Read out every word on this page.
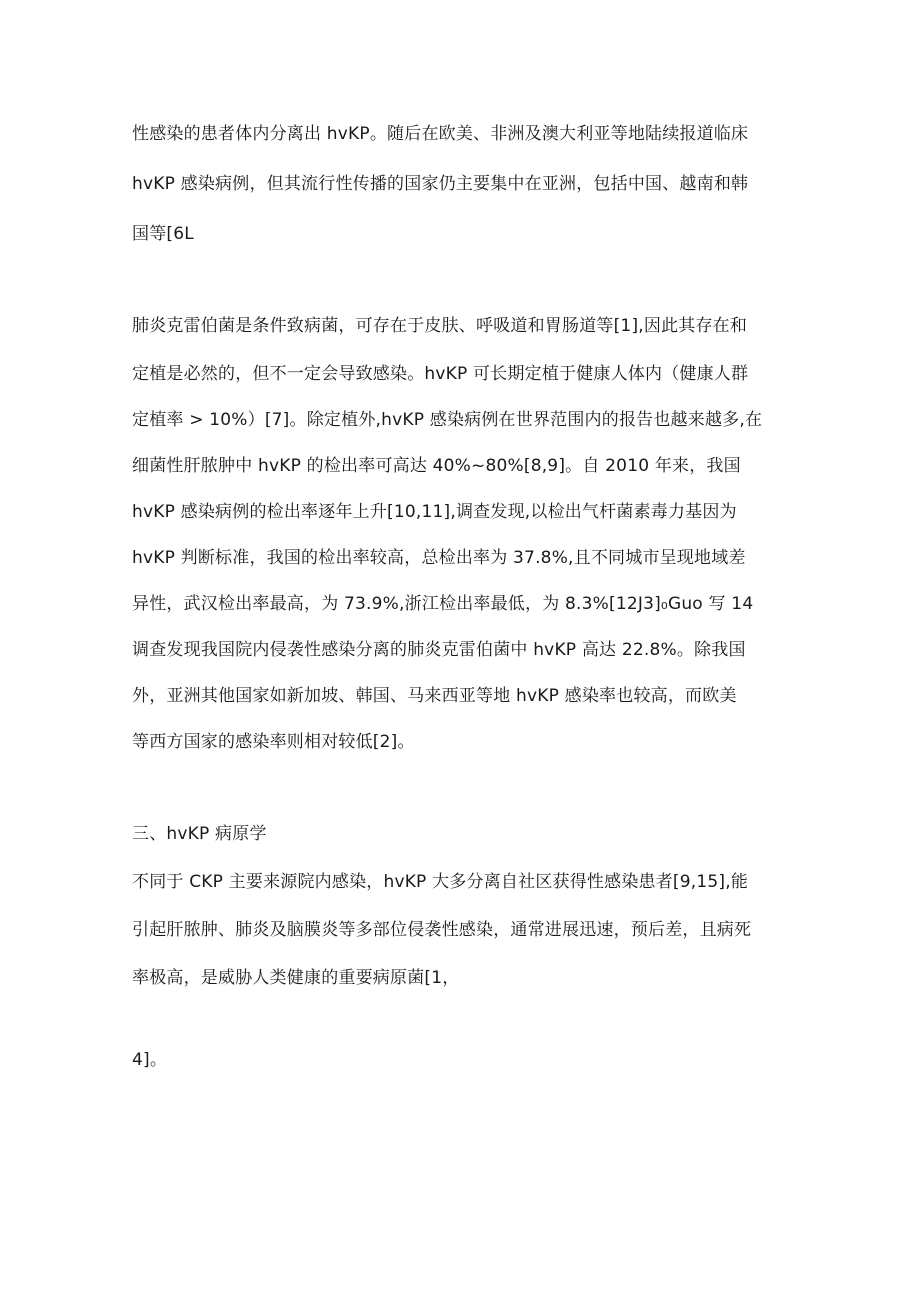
性感染的患者体内分离出 hvKP。随后在欧美、非洲及澳大利亚等地陆续报道临床
hvKP 感染病例，但其流行性传播的国家仍主要集中在亚洲，包括中国、越南和韩
国等[6L
肺炎克雷伯菌是条件致病菌，可存在于皮肤、呼吸道和胃肠道等[1],因此其存在和
定植是必然的，但不一定会导致感染。hvKP 可长期定植于健康人体内（健康人群
定植率 > 10%）[7]。除定植外,hvKP 感染病例在世界范围内的报告也越来越多,在
细菌性肝脓肿中 hvKP 的检出率可高达 40%~80%[8,9]。自 2010 年来，我国
hvKP 感染病例的检出率逐年上升[10,11],调查发现,以检出气杆菌素毒力基因为
hvKP 判断标准，我国的检出率较高，总检出率为 37.8%,且不同城市呈现地域差
异性，武汉检出率最高，为 73.9%,浙江检出率最低，为 8.3%[12J3]₀Guo 写 14
调查发现我国院内侵袭性感染分离的肺炎克雷伯菌中 hvKP 高达 22.8%。除我国
外，亚洲其他国家如新加坡、韩国、马来西亚等地 hvKP 感染率也较高，而欧美
等西方国家的感染率则相对较低[2]。
三、hvKP 病原学
不同于 CKP 主要来源院内感染，hvKP 大多分离自社区获得性感染患者[9,15],能
引起肝脓肿、肺炎及脑膜炎等多部位侵袭性感染，通常进展迅速，预后差，且病死
率极高，是威胁人类健康的重要病原菌[1，
4]。
